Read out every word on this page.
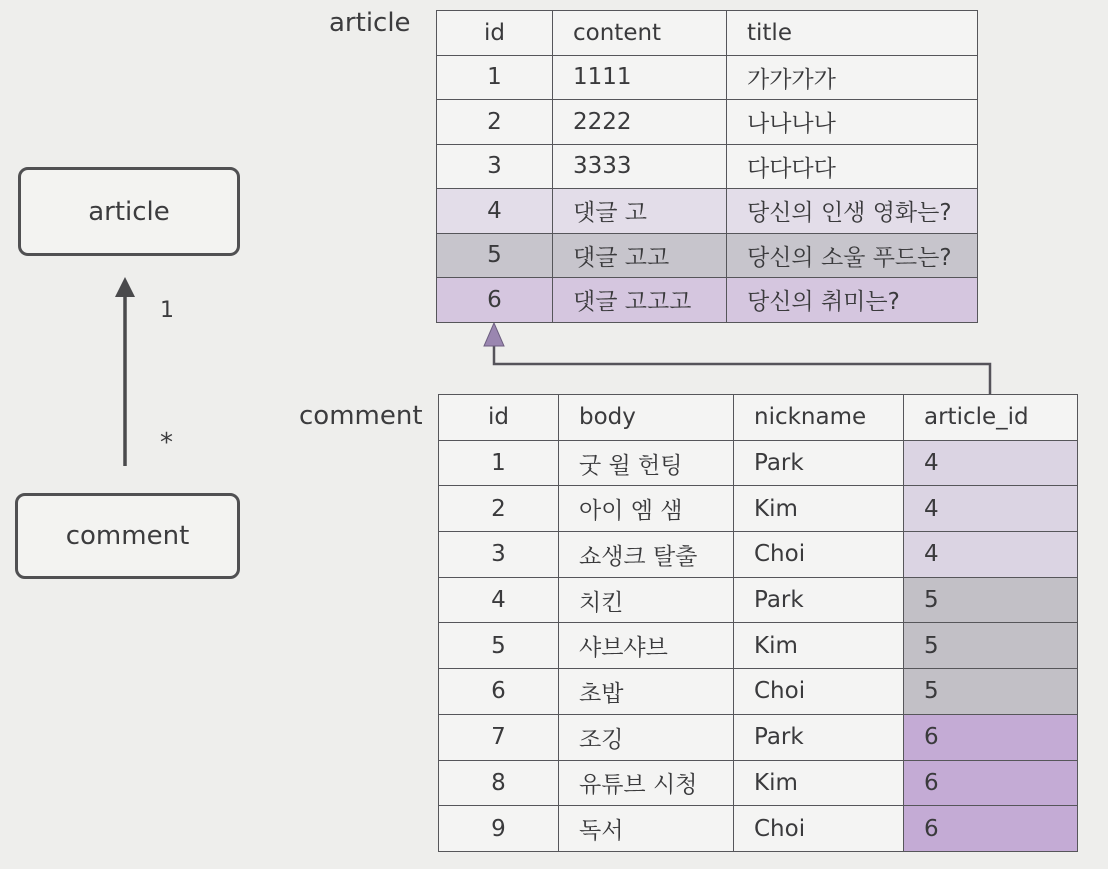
article
comment
1
*
article
comment
id	content	title
1	1111	가가가가
2	2222	나나나나
3	3333	다다다다
4	댓글 고	당신의 인생 영화는?
5	댓글 고고	당신의 소울 푸드는?
6	댓글 고고고	당신의 취미는?
id	body	nickname	article_id
1	굿 윌 헌팅	Park	4
2	아이 엠 샘	Kim	4
3	쇼생크 탈출	Choi	4
4	치킨	Park	5
5	샤브샤브	Kim	5
6	초밥	Choi	5
7	조깅	Park	6
8	유튜브 시청	Kim	6
9	독서	Choi	6
